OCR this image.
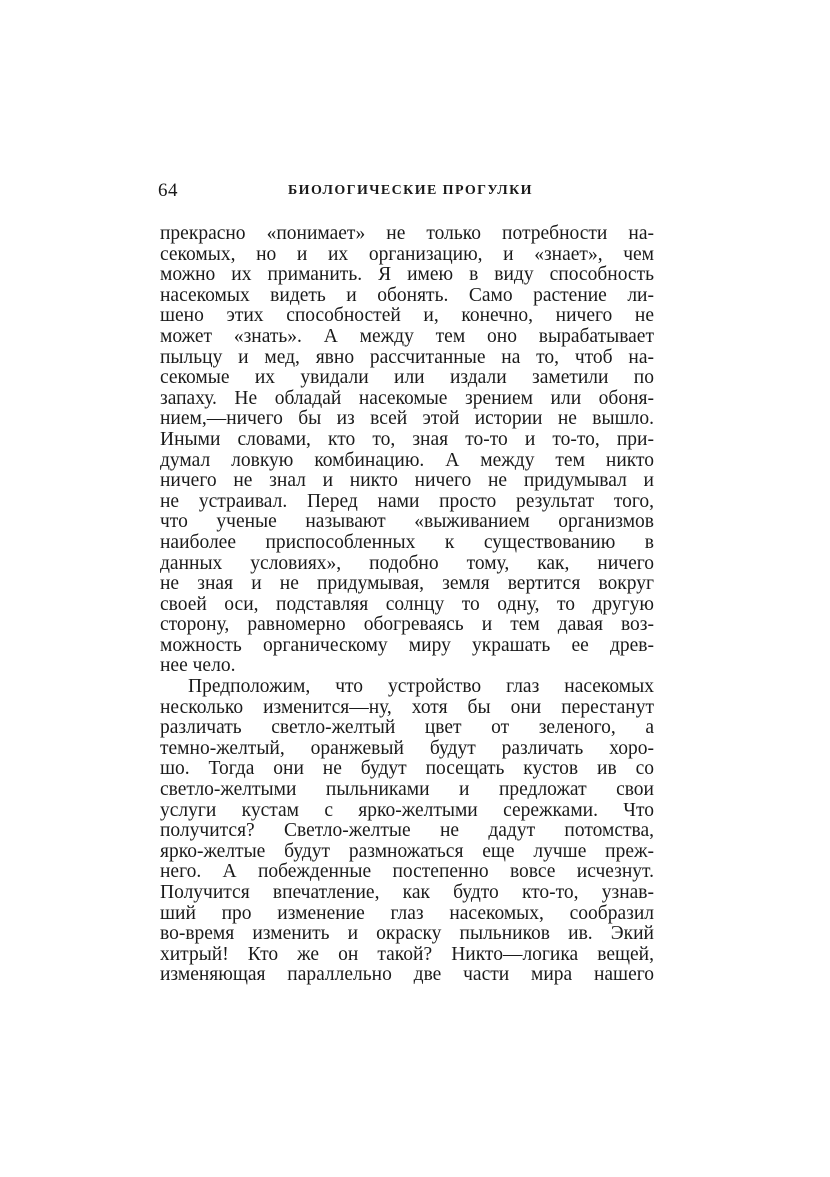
64	БИОЛОГИЧЕСКИЕ ПРОГУЛКИ
прекрасно «понимает» не только потребности на-
секомых, но и их организацию, и «знает», чем
можно их приманить. Я имею в виду способность
насекомых видеть и обонять. Само растение ли-
шено этих способностей и, конечно, ничего не
может «знать». А между тем оно вырабатывает
пыльцу и мед, явно рассчитанные на то, чтоб на-
секомые их увидали или издали заметили по
запаху. Не обладай насекомые зрением или обоня-
нием,—ничего бы из всей этой истории не вышло.
Иными словами, кто то, зная то-то и то-то, при-
думал ловкую комбинацию. А между тем никто
ничего не знал и никто ничего не придумывал и
не устраивал. Перед нами просто результат того,
что ученые называют «выживанием организмов
наиболее приспособленных к существованию в
данных условиях», подобно тому, как, ничего
не зная и не придумывая, земля вертится вокруг
своей оси, подставляя солнцу то одну, то другую
сторону, равномерно обогреваясь и тем давая воз-
можность органическому миру украшать ее древ-
нее чело.
Предположим, что устройство глаз насекомых
несколько изменится—ну, хотя бы они перестанут
различать светло-желтый цвет от зеленого, а
темно-желтый, оранжевый будут различать хоро-
шо. Тогда они не будут посещать кустов ив со
светло-желтыми пыльниками и предложат свои
услуги кустам с ярко-желтыми сережками. Что
получится? Светло-желтые не дадут потомства,
ярко-желтые будут размножаться еще лучше преж-
него. А побежденные постепенно вовсе исчезнут.
Получится впечатление, как будто кто-то, узнав-
ший про изменение глаз насекомых, сообразил
во-время изменить и окраску пыльников ив. Экий
хитрый! Кто же он такой? Никто—логика вещей,
изменяющая параллельно две части мира нашего
